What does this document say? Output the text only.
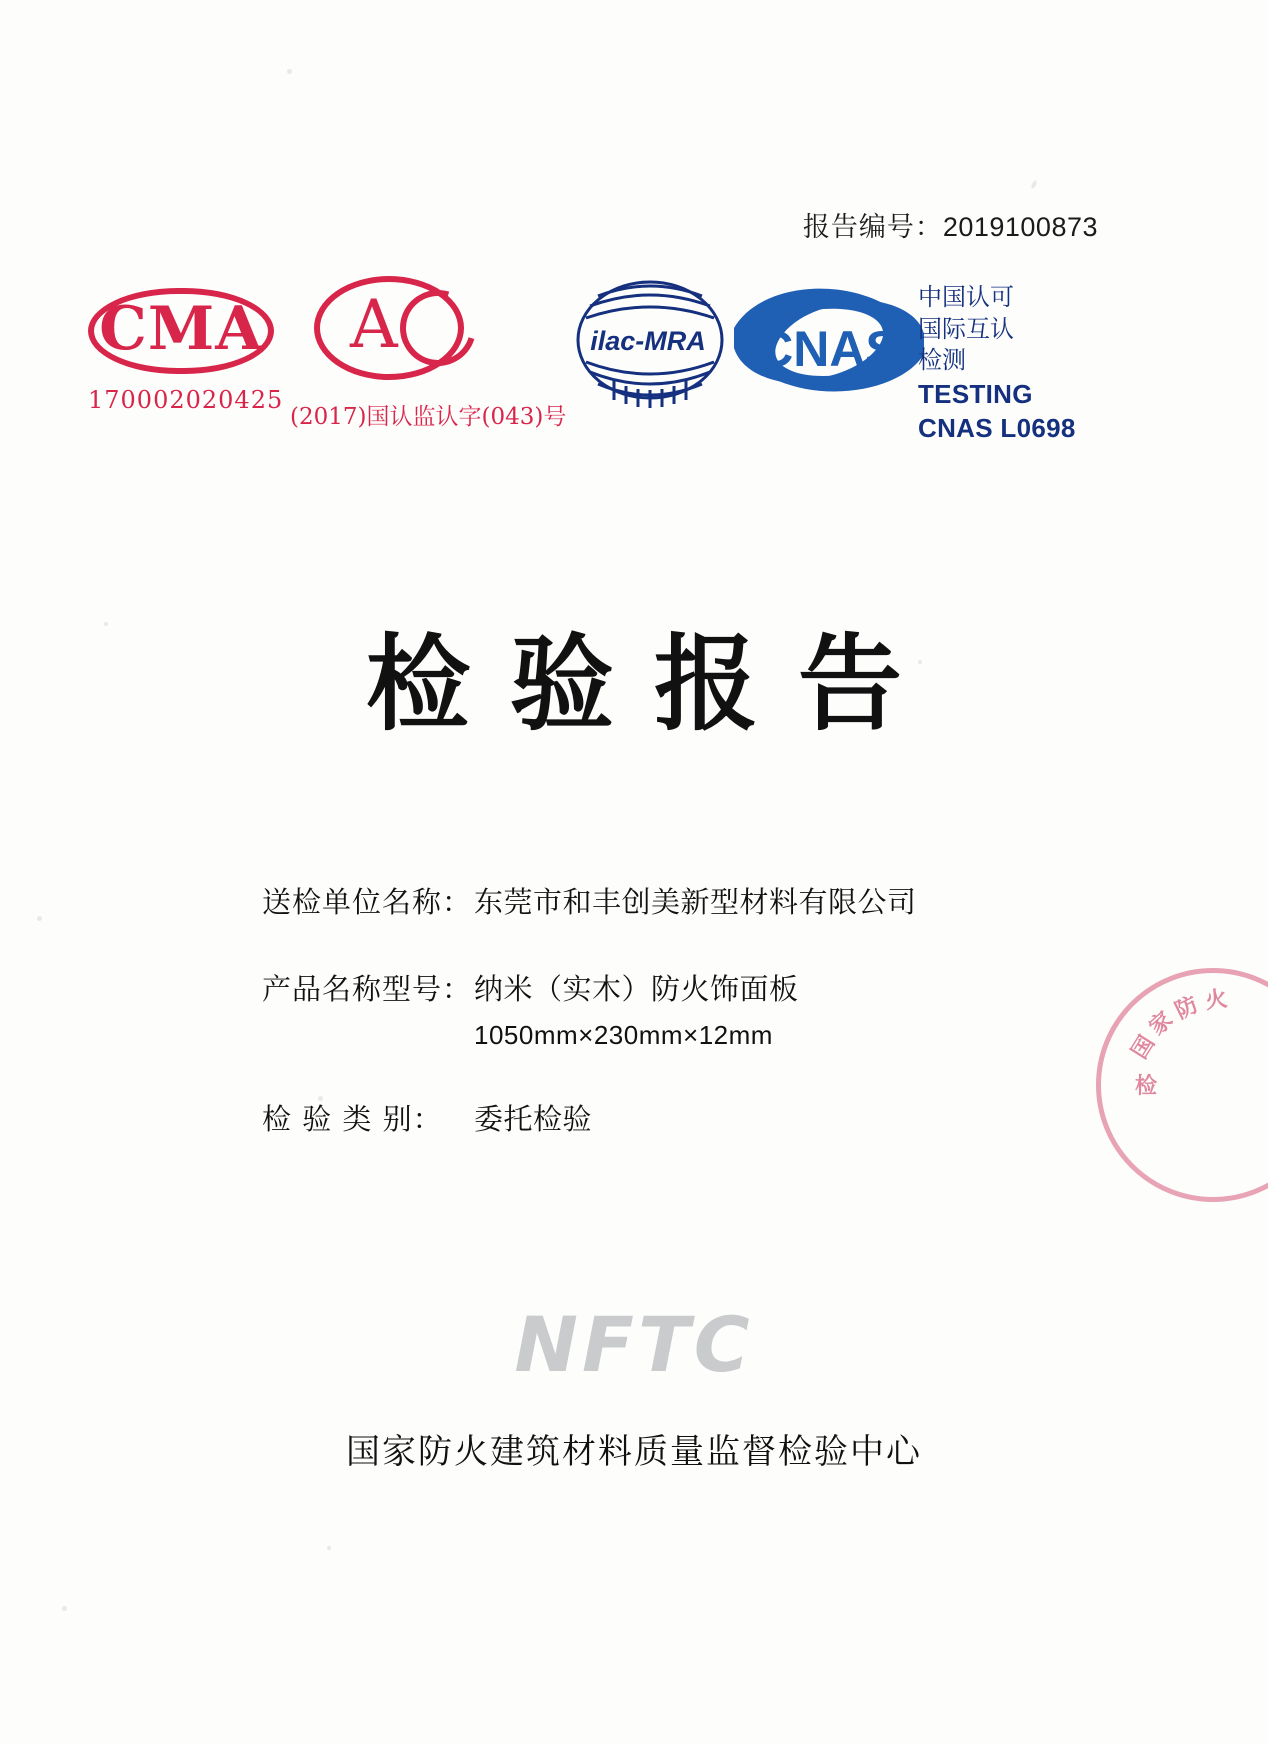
报告编号：2019100873
CMA
170002020425
A
(2017)国认监认字(043)号
ilac-MRA CNAS
中国认可
国际互认
检测
TESTING
CNAS L0698
检验报告
送检单位名称： 东莞市和丰创美新型材料有限公司
产品名称型号： 纳米（实木）防火饰面板
1050mm×230mm×12mm
检 验 类 别：	委托检验
国
家
防 火
检
NFTC
国家防火建筑材料质量监督检验中心
